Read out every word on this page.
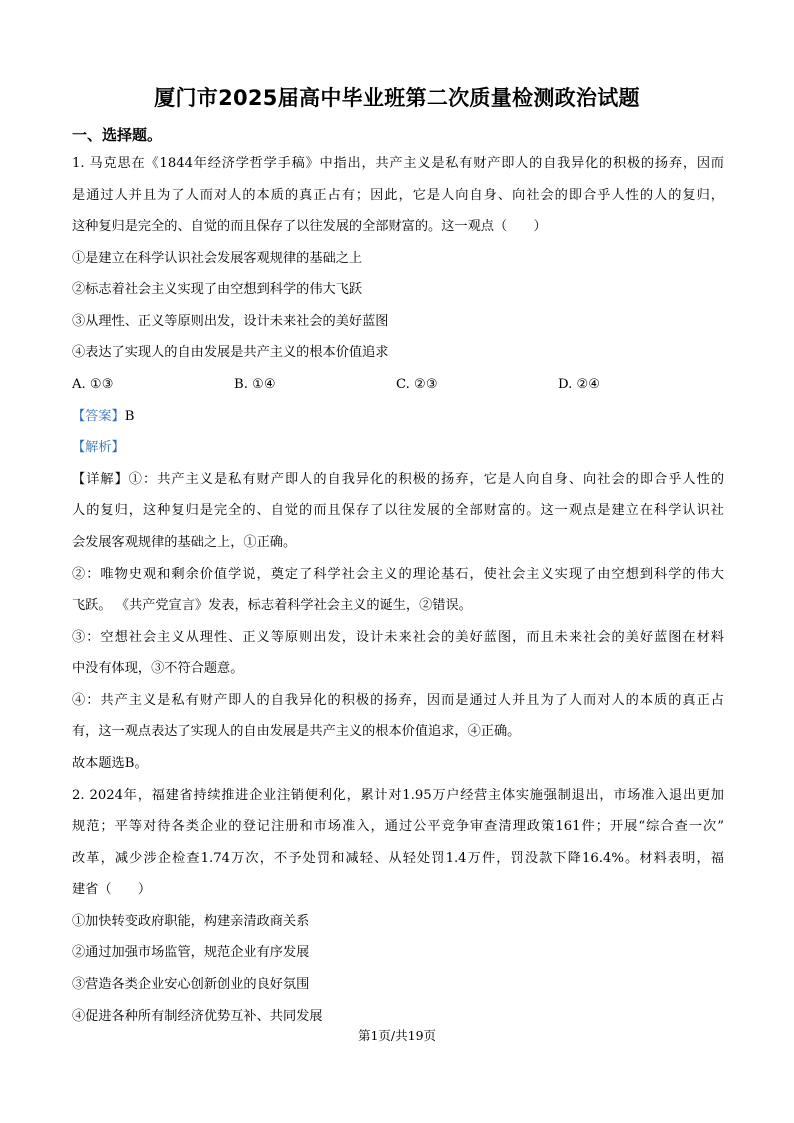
厦门市2025届高中毕业班第二次质量检测政治试题
一、选择题。
1. 马克思在《1844年经济学哲学手稿》中指出，共产主义是私有财产即人的自我异化的积极的扬弃，因而
是通过人并且为了人而对人的本质的真正占有；因此，它是人向自身、向社会的即合乎人性的人的复归，
这种复归是完全的、自觉的而且保存了以往发展的全部财富的。这一观点（　　）
①是建立在科学认识社会发展客观规律的基础之上
②标志着社会主义实现了由空想到科学的伟大飞跃
③从理性、正义等原则出发，设计未来社会的美好蓝图
④表达了实现人的自由发展是共产主义的根本价值追求
A. ①③	B. ①④	C. ②③	D. ②④
【答案】B
【解析】
【详解】①：共产主义是私有财产即人的自我异化的积极的扬弃，它是人向自身、向社会的即合乎人性的
人的复归，这种复归是完全的、自觉的而且保存了以往发展的全部财富的。这一观点是建立在科学认识社
会发展客观规律的基础之上，①正确。
②：唯物史观和剩余价值学说，奠定了科学社会主义的理论基石，使社会主义实现了由空想到科学的伟大
飞跃。 《共产党宣言》发表，标志着科学社会主义的诞生，②错误。
③：空想社会主义从理性、正义等原则出发，设计未来社会的美好蓝图，而且未来社会的美好蓝图在材料
中没有体现，③不符合题意。
④：共产主义是私有财产即人的自我异化的积极的扬弃，因而是通过人并且为了人而对人的本质的真正占
有，这一观点表达了实现人的自由发展是共产主义的根本价值追求，④正确。
故本题选B。
2. 2024年，福建省持续推进企业注销便利化，累计对1.95万户经营主体实施强制退出，市场准入退出更加
规范；平等对待各类企业的登记注册和市场准入，通过公平竞争审查清理政策161件；开展“综合查一次”
改革，减少涉企检查1.74万次，不予处罚和减轻、从轻处罚1.4万件，罚没款下降16.4%。材料表明，福
建省（　　）
①加快转变政府职能，构建亲清政商关系
②通过加强市场监管，规范企业有序发展
③营造各类企业安心创新创业的良好氛围
④促进各种所有制经济优势互补、共同发展
第1页/共19页
